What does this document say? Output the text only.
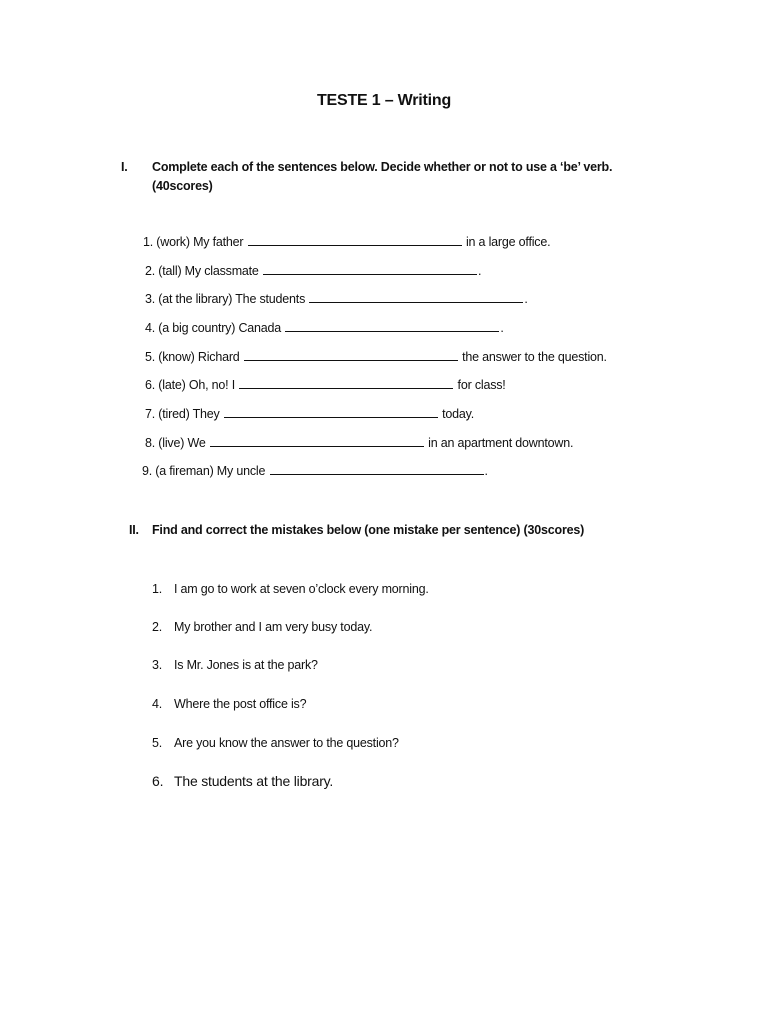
TESTE 1 – Writing
I. Complete each of the sentences below. Decide whether or not to use a ‘be’ verb.
(40scores)
1. (work) My father	in a large office.
2. (tall) My classmate	.
3. (at the library) The students	.
4. (a big country) Canada	.
5. (know) Richard	the answer to the question.
6. (late) Oh, no! I	for class!
7. (tired) They	today.
8. (live) We	in an apartment downtown.
9. (a fireman) My uncle	.
II. Find and correct the mistakes below (one mistake per sentence) (30scores)
1. I am go to work at seven o’clock every morning.
2. My brother and I am very busy today.
3. Is Mr. Jones is at the park?
4. Where the post office is?
5. Are you know the answer to the question?
6. The students at the library.
